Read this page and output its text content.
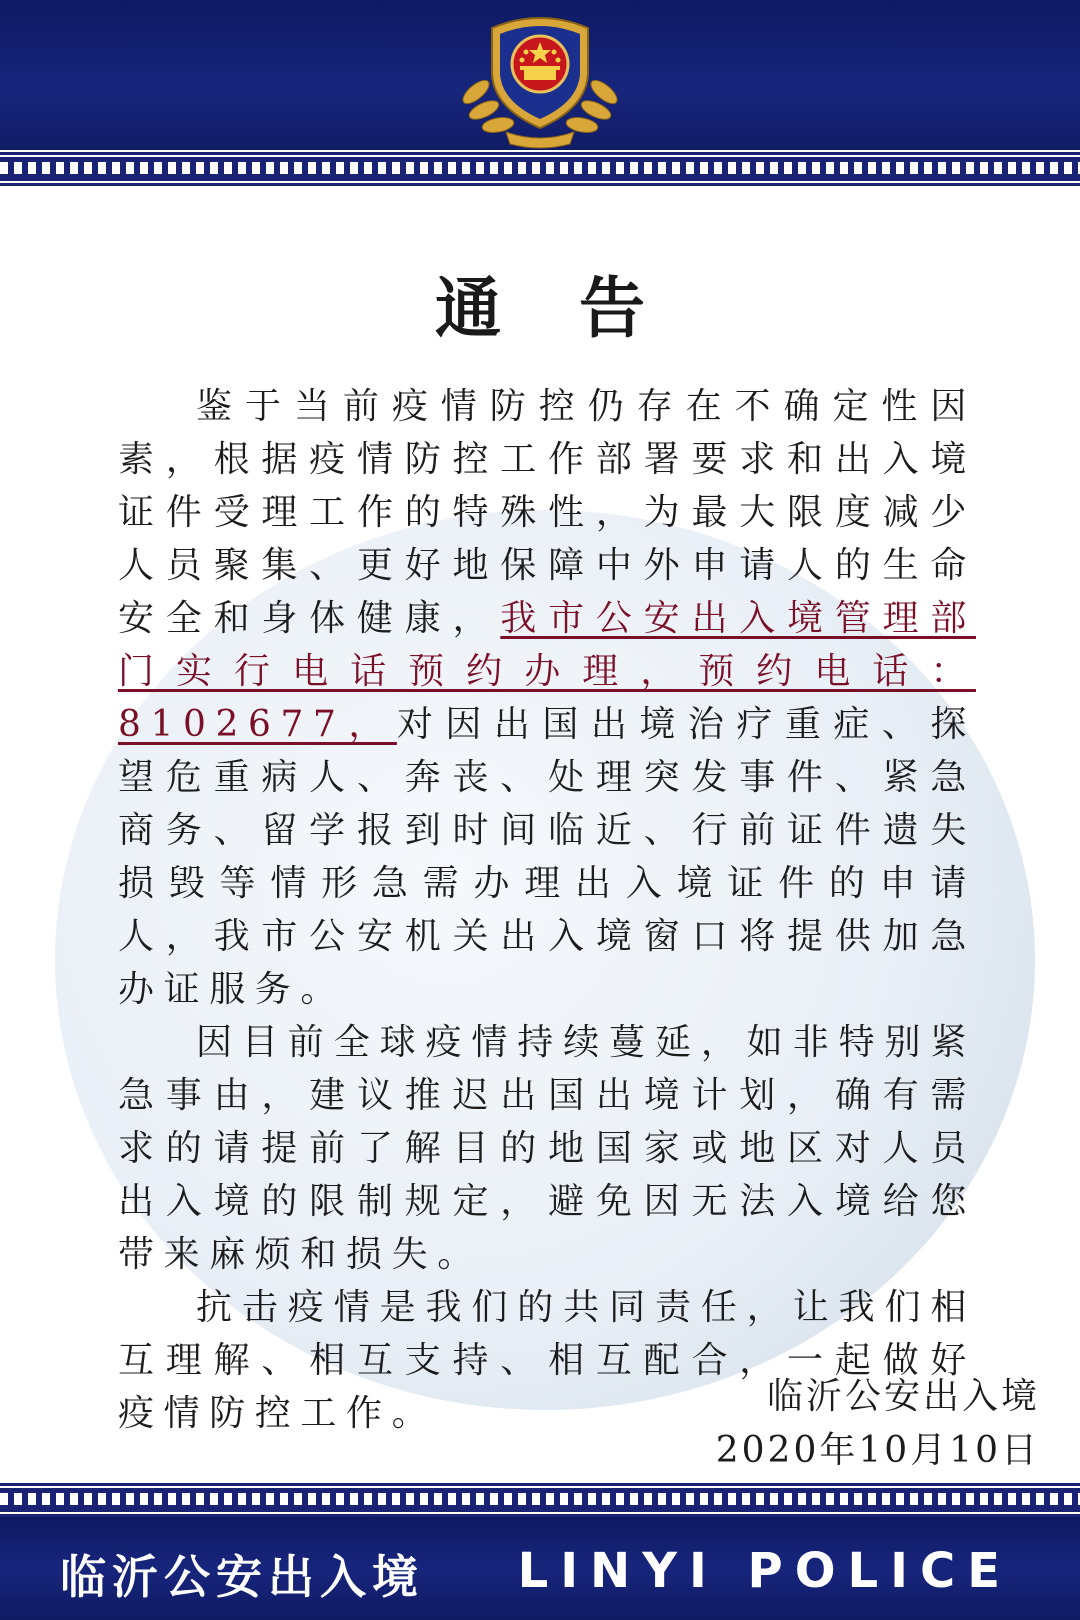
通告

鉴于当前疫情防控仍存在不确定性因素，根据疫情防控工作部署要求和出入境证件受理工作的特殊性，为最大限度减少人员聚集、更好地保障中外申请人的生命安全和身体健康，我市公安出入境管理部门实行电话预约办理，预约电话：8102677，对因出国出境治疗重症、探望危重病人、奔丧、处理突发事件、紧急商务、留学报到时间临近、行前证件遗失损毁等情形急需办理出入境证件的申请人，我市公安机关出入境窗口将提供加急办证服务。

因目前全球疫情持续蔓延，如非特别紧急事由，建议推迟出国出境计划，确有需求的请提前了解目的地国家或地区对人员出入境的限制规定，避免因无法入境给您带来麻烦和损失。

抗击疫情是我们的共同责任，让我们相互理解、相互支持、相互配合，一起做好疫情防控工作。	临沂公安出入境
2020年10月10日
临沂公安出入境 LINYI POLICE
